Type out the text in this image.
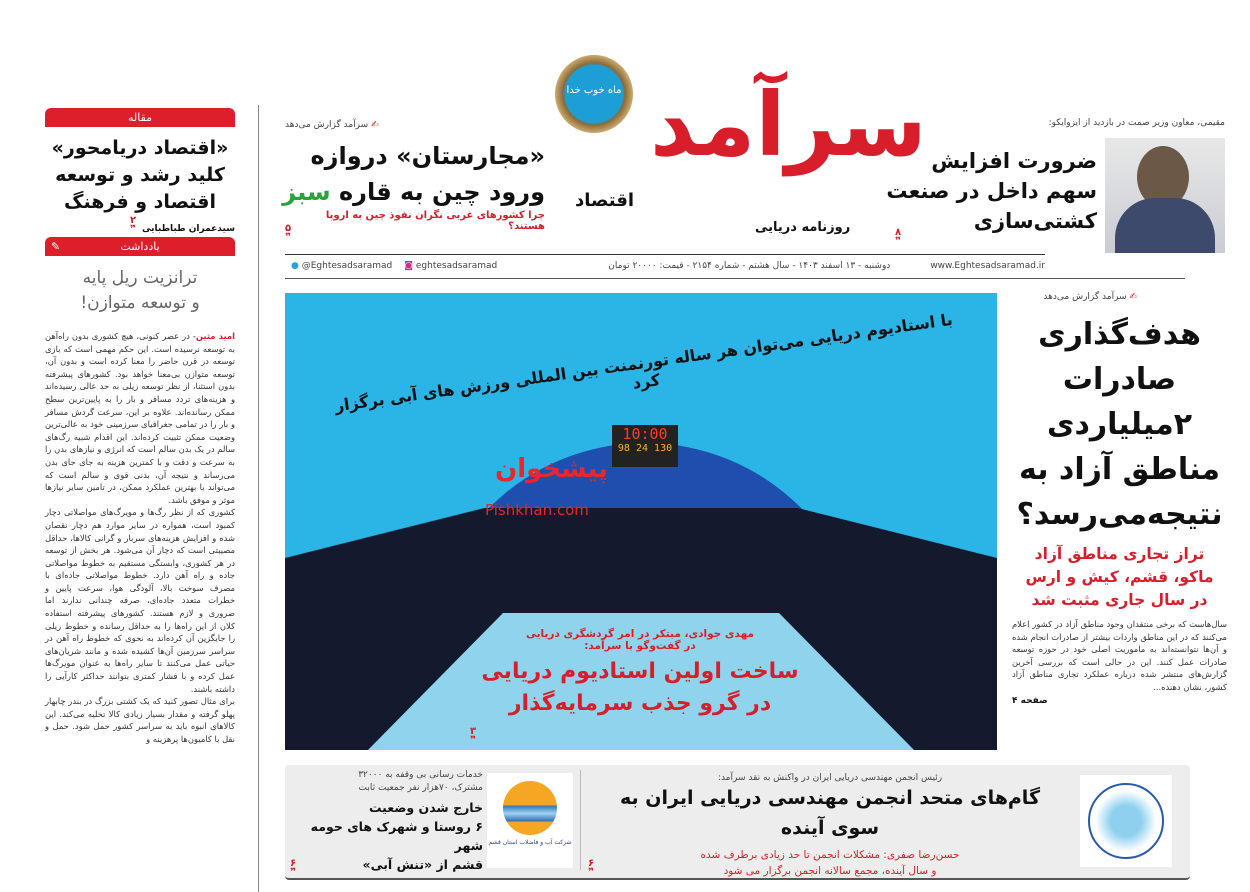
مقاله
«اقتصاد دریامحور»
کلید رشد و توسعه
اقتصاد و فرهنگ
سیدعمران طباطبایی
۲
❞
یادداشت
✎
ترانزیت ریل پایه
و توسعه متوازن!

امید مثین- در عصر کنونی، هیچ کشوری بدون راه‌آهن به توسعه نرسیده است. این حکم مهمی است که بازی توسعه در قرن حاضر را معنا کرده است و بدون آن، توسعه متوازن بی‌معنا خواهد بود. کشورهای پیشرفته بدون استثنا، از نظر توسعه ریلی به حد عالی رسیده‌اند و هزینه‌های تردد مسافر و بار را به پایین‌ترین سطح ممکن رسانده‌اند. علاوه بر این، سرعت گردش مسافر و بار را در تمامی جغرافیای سرزمینی خود به عالی‌ترین وضعیت ممکن تثبیت کرده‌اند. این اقدام شبیه رگ‌های سالم در یک بدن سالم است که انرژی و نیازهای بدن را به سرعت و دقت و با کمترین هزینه به جای جای بدن می‌رساند و نتیجه آن، بدنی قوی و سالم است که می‌تواند با بهترین عملکرد ممکن، در تامین سایر نیازها موثر و موفق باشد.

کشوری که از نظر رگ‌ها و مویرگ‌های مواصلاتی دچار کمبود است، همواره در سایر موارد هم دچار نقصان شده و افزایش هزینه‌های سربار و گرانی کالاها، حداقل مصیبتی است که دچار آن می‌شود. هر بخش از توسعه در هر کشوری، وابستگی مستقیم به خطوط مواصلاتی جاده و راه آهن دارد. خطوط مواصلاتی جاده‌ای با مصرف سوخت بالا، آلودگی هوا، سرعت پایین و خطرات متعدد جاده‌ای، صرفه چندانی ندارند اما ضروری و لازم هستند. کشورهای پیشرفته استفاده کلان از این راه‌ها را به حداقل رسانده و خطوط ریلی را جایگزین آن کرده‌اند به نحوی که خطوط راه آهن در سراسر سرزمین آن‌ها کشیده شده و مانند شریان‌های حیاتی عمل می‌کنند تا سایر راه‌ها به عنوان مویرگ‌ها عمل کرده و با فشار کمتری بتوانند حداکثر کارآیی را داشته باشند.

برای مثال تصور کنید که یک کشتی بزرگ در بندر چابهار پهلو گرفته و مقدار بسیار زیادی کالا تخلیه می‌کند. این کالاهای انبوه باید به سراسر کشور حمل شود. حمل و نقل با کامیون‌ها پرهزینه و

مقیمی، معاون وزیر صمت در بازدید از ایزوایکو:
ضرورت افزایش
سهم داخل در صنعت
کشتی‌سازی
۸
❞
ماه خوب خدا سرآمد
اقتصاد
روزنامه دریایی
✍ سرآمد گزارش می‌دهد
«مجارستان» دروازه
ورود چین به قاره سبز
چرا کشورهای غربی نگران نفوذ چین به اروپا هستند؟
۵
❞
www.Eghtesadsaramad.ir
دوشنبه - ۱۳ اسفند ۱۴۰۳ - سال هشتم - شماره ۲۱۵۴ - قیمت: ۲۰۰۰۰ تومان
◙ eghtesadsaramad
● @Eghtesadsaramad
با استادیوم دریایی می‌توان هر ساله تورنمنت بین المللی ورزش های آبی برگزار کرد
10:00
130 24 98
پیشخوان
Pishkhan.com
مهدی جوادی، مبتکر در امر گردشگری دریایی
در گفت‌وگو با سرآمد:
ساخت اولین استادیوم دریایی
در گرو جذب سرمایه‌گذار
۳
❞
✍ سرآمد گزارش می‌دهد
هدف‌گذاری
صادرات
۲میلیاردی
مناطق آزاد به
نتیجه‌می‌رسد؟
تراز تجاری مناطق آزاد
ماکو، قشم، کیش و ارس
در سال جاری مثبت شد
سال‌هاست که برخی منتقدان وجود مناطق آزاد در کشور اعلام می‌کنند که در این مناطق واردات بیشتر از صادرات انجام شده و آن‌ها نتوانسته‌اند به ماموریت اصلی خود در حوزه توسعه صادرات عمل کنند. این در حالی است که بررسی آخرین گزارش‌های منتشر شده درباره عملکرد تجاری مناطق آزاد کشور، نشان دهنده...
صفحه ۴
رئیس انجمن مهندسی دریایی ایران در واکنش به نقد سرآمد:
گام‌های متحد انجمن مهندسی دریایی ایران به سوی آینده
حسن‌رضا صفری: مشکلات انجمن تا حد زیادی برطرف شده
و سال آینده، مجمع سالانه انجمن برگزار می شود
۶
❞
شرکت آب و فاضلاب استان قشم
خدمات رسانی بی وقفه به ۳۲۰۰۰
مشترک، ۷۰هزار نفر جمعیت ثابت
خارج شدن وضعیت
۶ روستا و شهرک های حومه شهر
قشم از «تنش آبی»
۶
❞
